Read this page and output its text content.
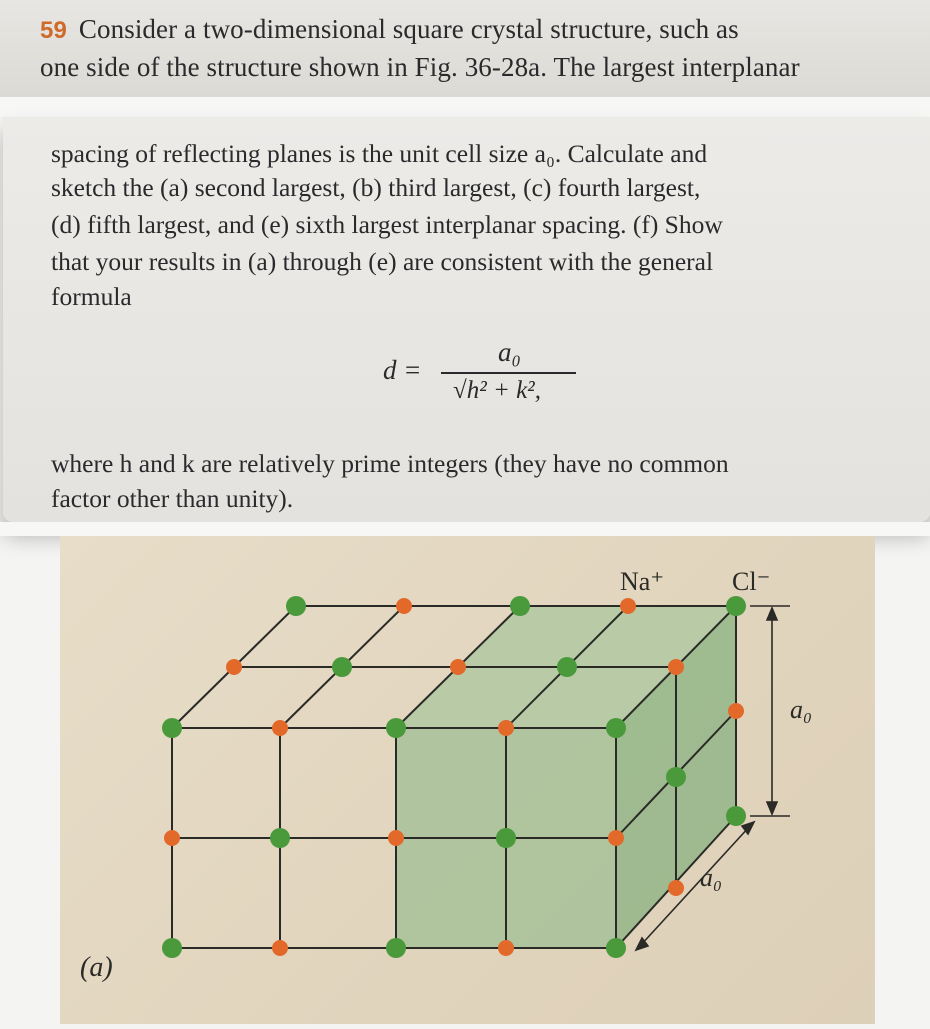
59 Consider a two-dimensional square crystal structure, such as
one side of the structure shown in Fig. 36-28a. The largest interplanar
spacing of reflecting planes is the unit cell size a₀. Calculate and
sketch the (a) second largest, (b) third largest, (c) fourth largest,
(d) fifth largest, and (e) sixth largest interplanar spacing. (f) Show
that your results in (a) through (e) are consistent with the general
formula
d =
a₀
√h² + k²,
where h and k are relatively prime integers (they have no common
factor other than unity).
Na⁺	Cl⁻
a₀
a₀
(a)
